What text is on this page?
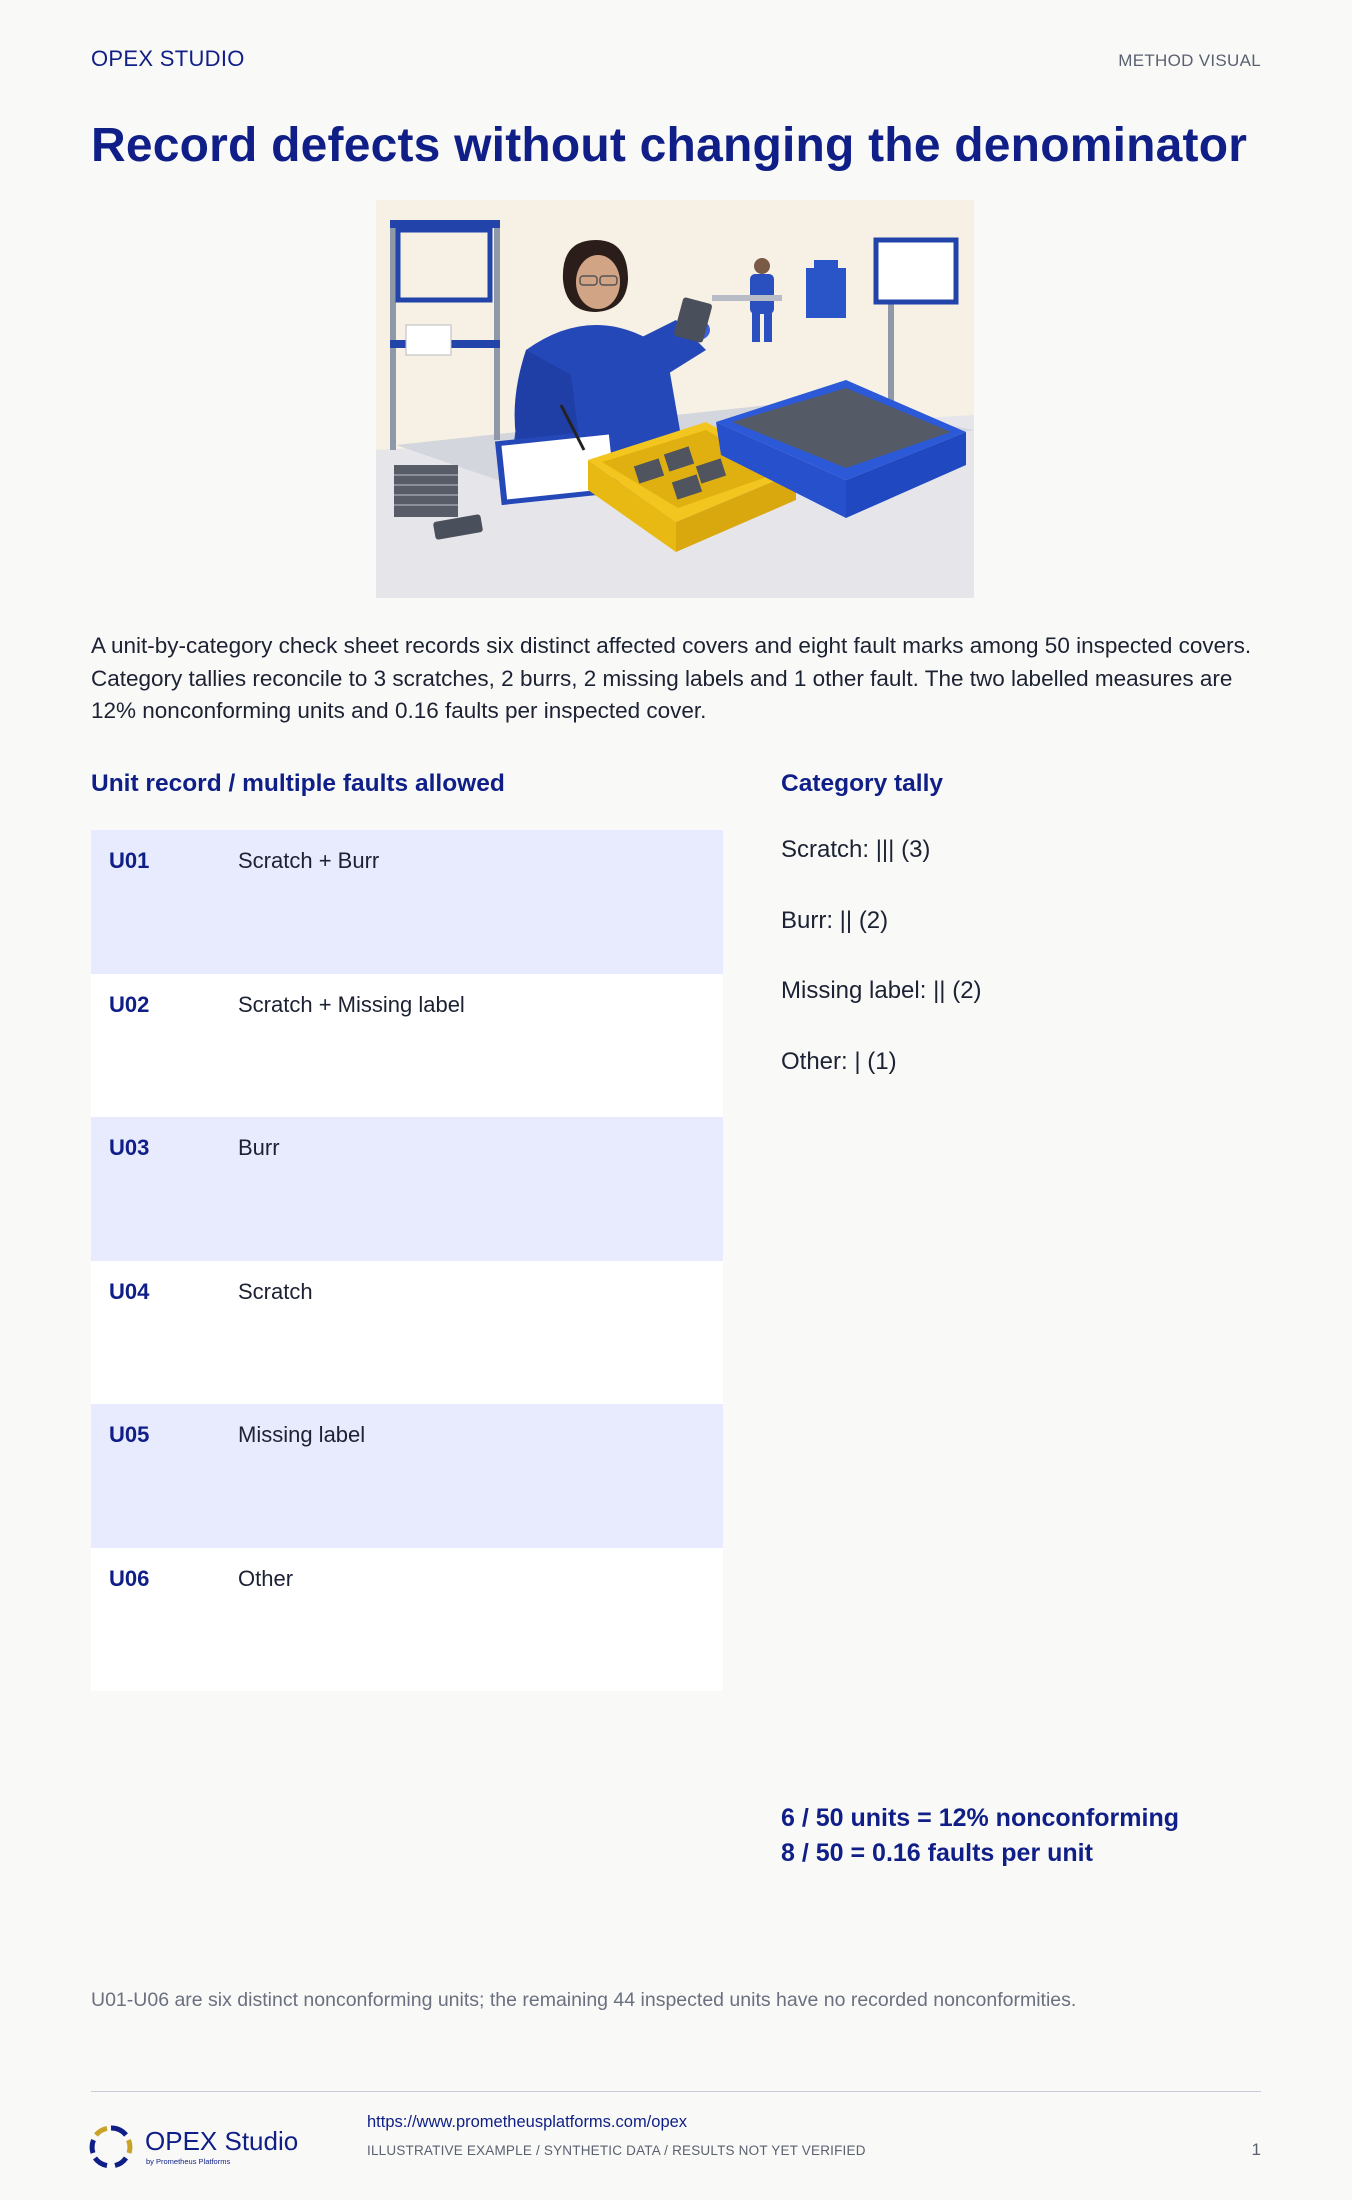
OPEX STUDIO	METHOD VISUAL
Record defects without changing the denominator

A unit-by-category check sheet records six distinct affected covers and eight fault marks among 50 inspected covers. Category tallies reconcile to 3 scratches, 2 burrs, 2 missing labels and 1 other fault. The two labelled measures are 12% nonconforming units and 0.16 faults per inspected cover.

Unit record / multiple faults allowed
U01	Scratch + Burr
U02	Scratch + Missing label
U03	Burr
U04	Scratch
U05	Missing label
U06	Other
Category tally
Scratch: ||| (3)
Burr: || (2)
Missing label: || (2)
Other: | (1)
6 / 50 units = 12% nonconforming
8 / 50 = 0.16 faults per unit

U01-U06 are six distinct nonconforming units; the remaining 44 inspected units have no recorded nonconformities.

OPEX Studio
by Prometheus Platforms
https://www.prometheusplatforms.com/opex
ILLUSTRATIVE EXAMPLE / SYNTHETIC DATA / RESULTS NOT YET VERIFIED	1
